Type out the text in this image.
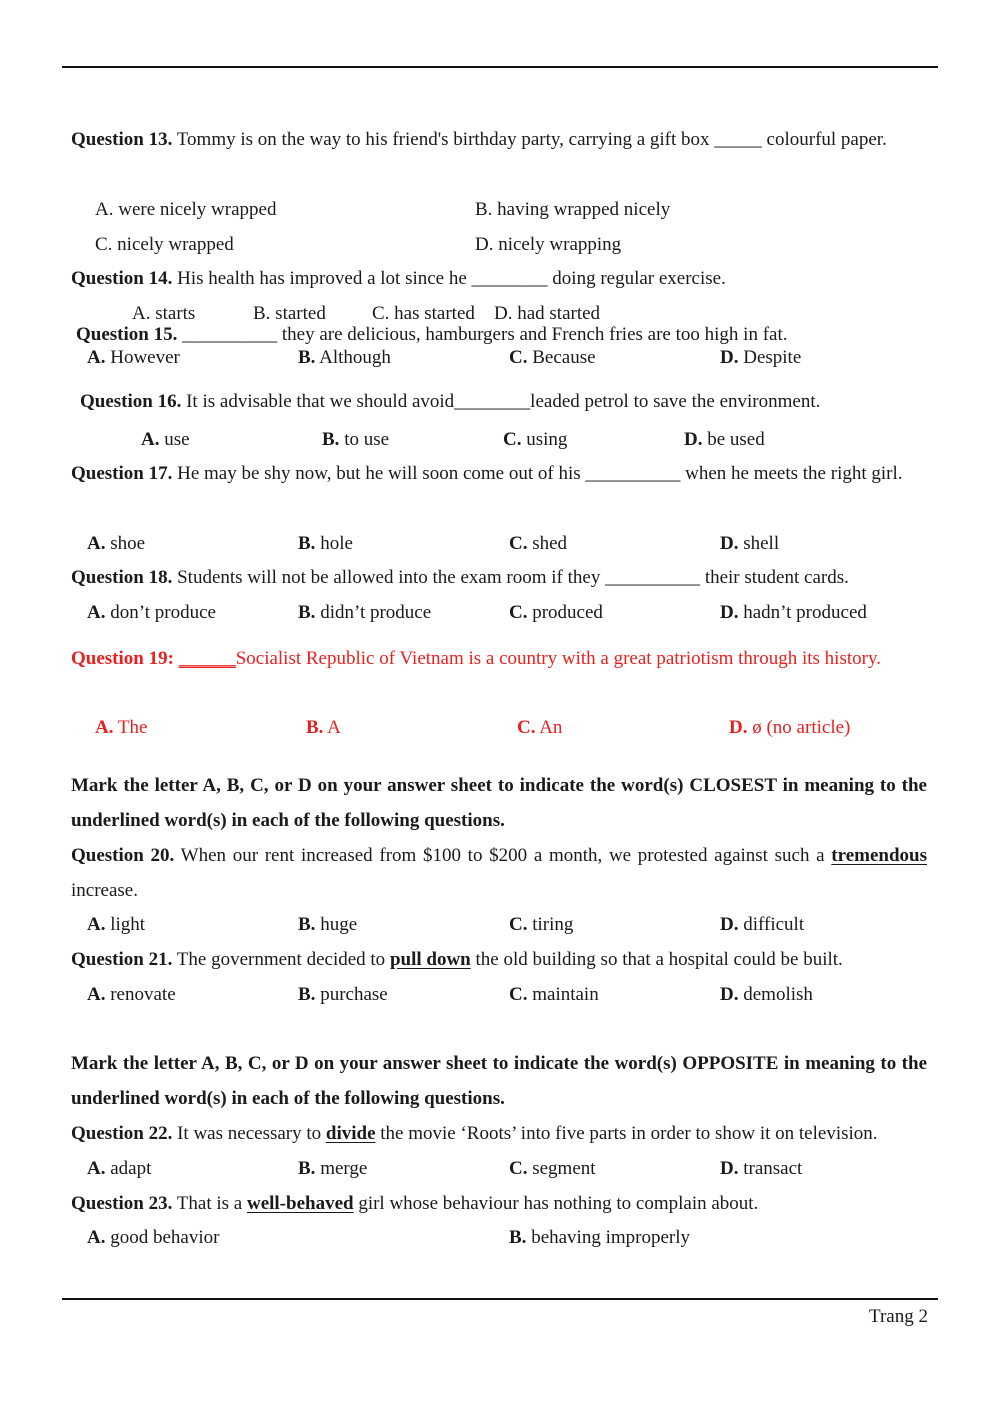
Question 13. Tommy is on the way to his friend's birthday party, carrying a gift box _____ colourful paper.
A. were nicely wrapped	B. having wrapped nicely
C. nicely wrapped	D. nicely wrapping
Question 14. His health has improved a lot since he ________ doing regular exercise.
A. starts	B. started C. has started D. had started
Question 15. __________ they are delicious, hamburgers and French fries are too high in fat.
A. However	B. Although	C. Because	D. Despite
Question 16. It is advisable that we should avoid________leaded petrol to save the environment.
A. use	B. to use	C. using	D. be used
Question 17. He may be shy now, but he will soon come out of his __________ when he meets the right girl.
A. shoe	B. hole	C. shed	D. shell
Question 18. Students will not be allowed into the exam room if they __________ their student cards.
A. don’t produce	B. didn’t produce	C. produced	D. hadn’t produced
Question 19: ______Socialist Republic of Vietnam is a country with a great patriotism through its history.
A. The	B. A	C. An	D. ø (no article)
Mark the letter A, B, C, or D on your answer sheet to indicate the word(s) CLOSEST in meaning to the underlined word(s) in each of the following questions.
Question 20. When our rent increased from $100 to $200 a month, we protested against such a tremendous increase.
A. light	B. huge	C. tiring	D. difficult
Question 21. The government decided to pull down the old building so that a hospital could be built.
A. renovate	B. purchase	C. maintain	D. demolish
Mark the letter A, B, C, or D on your answer sheet to indicate the word(s) OPPOSITE in meaning to the underlined word(s) in each of the following questions.
Question 22. It was necessary to divide the movie ‘Roots’ into five parts in order to show it on television.
A. adapt	B. merge	C. segment	D. transact
Question 23. That is a well-behaved girl whose behaviour has nothing to complain about.
A. good behavior	B. behaving improperly
Trang 2
